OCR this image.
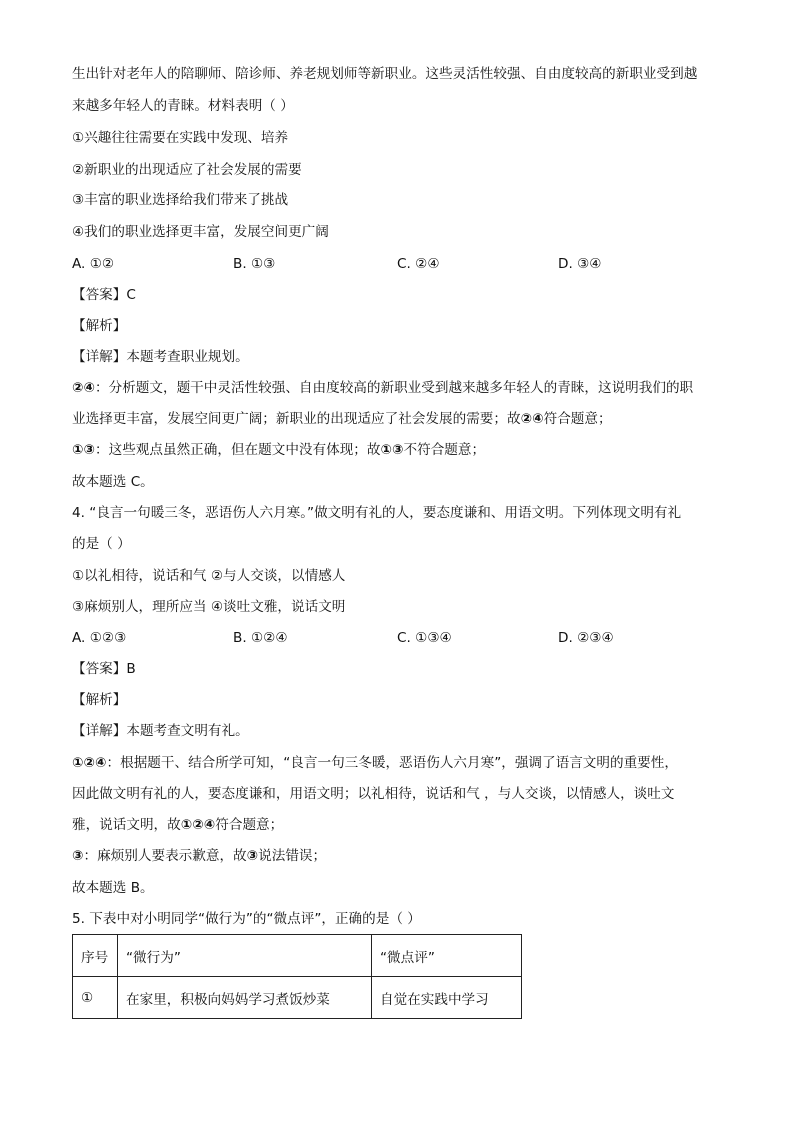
生出针对老年人的陪聊师、陪诊师、养老规划师等新职业。这些灵活性较强、自由度较高的新职业受到越
来越多年轻人的青睐。材料表明（ ）
①兴趣往往需要在实践中发现、培养
②新职业的出现适应了社会发展的需要
③丰富的职业选择给我们带来了挑战
④我们的职业选择更丰富，发展空间更广阔
A. ①②	B. ①③	C. ②④	D. ③④
【答案】C
【解析】
【详解】本题考查职业规划。
②④：分析题文，题干中灵活性较强、自由度较高的新职业受到越来越多年轻人的青睐，这说明我们的职
业选择更丰富，发展空间更广阔；新职业的出现适应了社会发展的需要；故②④符合题意；
①③：这些观点虽然正确，但在题文中没有体现；故①③不符合题意；
故本题选 C。
4. “良言一句暖三冬，恶语伤人六月寒。”做文明有礼的人，要态度谦和、用语文明。下列体现文明有礼
的是（ ）
①以礼相待，说话和气 ②与人交谈，以情感人
③麻烦别人，理所应当 ④谈吐文雅，说话文明
A. ①②③	B. ①②④	C. ①③④	D. ②③④
【答案】B
【解析】
【详解】本题考查文明有礼。
①②④：根据题干、结合所学可知，“良言一句三冬暖，恶语伤人六月寒”，强调了语言文明的重要性，
因此做文明有礼的人，要态度谦和，用语文明；以礼相待，说话和气 ，与人交谈，以情感人，谈吐文
雅，说话文明，故①②④符合题意；
③：麻烦别人要表示歉意，故③说法错误；
故本题选 B。
5. 下表中对小明同学“做行为”的“微点评”，正确的是（ ）
序号	“微行为”	“微点评”
①	在家里，积极向妈妈学习煮饭炒菜	自觉在实践中学习
